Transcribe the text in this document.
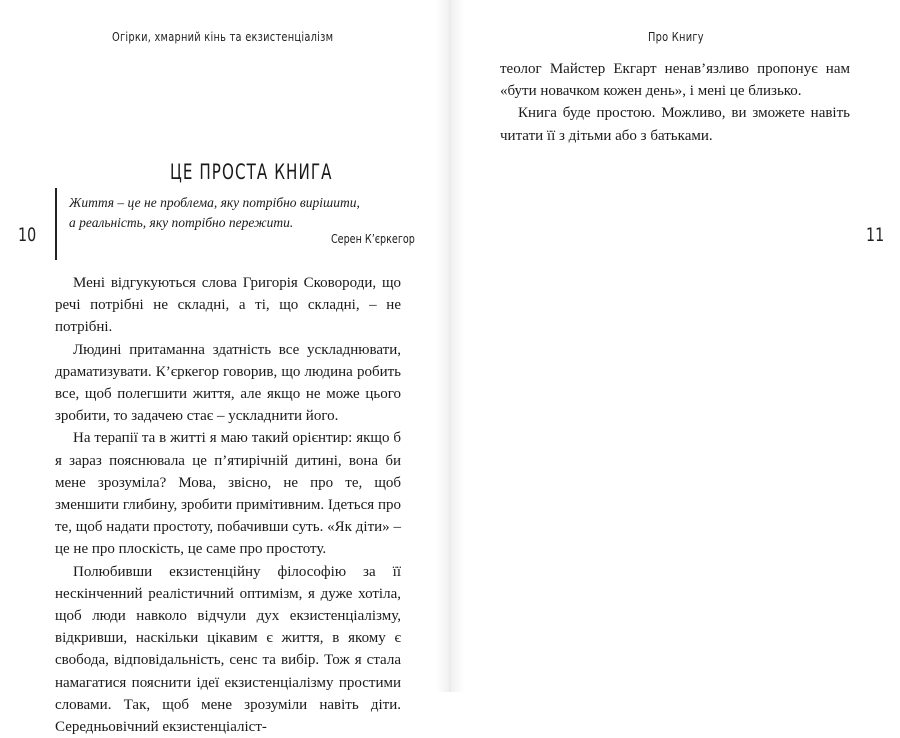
Огірки, хмарний кінь та екзистенціалізм
ЦЕ ПРОСТА КНИГА
10
Життя – це не проблема, яку потрібно вирішити,
а реальність, яку потрібно пережити.
Серен К’єркегор

Мені відгукуються слова Григорія Сковороди, що речі потрібні не складні, а ті, що складні, – не потрібні.

Людині притаманна здатність все ускладнювати, драматизувати. К’єркегор говорив, що людина робить все, щоб полегшити життя, але якщо не може цього зробити, то задачею стає – ускладнити його.

На терапії та в житті я маю такий орієнтир: якщо б я зараз пояснювала це п’ятирічній дитині, вона би мене зрозуміла? Мова, звісно, не про те, щоб зменшити глибину, зробити примітивним. Ідеться про те, щоб надати простоту, побачивши суть. «Як діти» – це не про плоскість, це саме про простоту.

Полюбивши екзистенційну філософію за її нескінченний реалістичний оптимізм, я дуже хотіла, щоб люди навколо відчули дух екзистенціалізму, відкривши, наскільки цікавим є життя, в якому є свобода, відповідальність, сенс та вибір. Тож я стала намагатися пояснити ідеї екзистенціалізму простими словами. Так, щоб мене зрозуміли навіть діти. Середньовічний екзистенціаліст-

Про Книгу
11

теолог Майстер Екгарт ненав’язливо пропонує нам «бути новачком кожен день», і мені це близько.

Книга буде простою. Можливо, ви зможете навіть читати її з дітьми або з батьками.
